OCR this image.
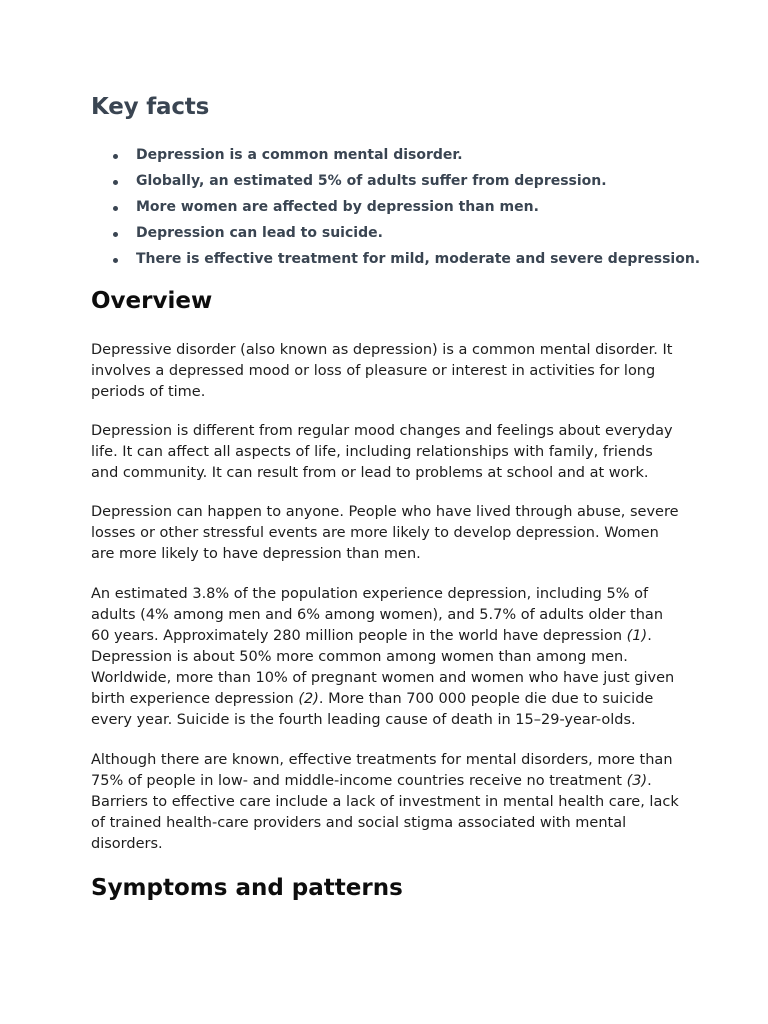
Key facts
Depression is a common mental disorder.
Globally, an estimated 5% of adults suffer from depression.
More women are affected by depression than men.
Depression can lead to suicide.
There is effective treatment for mild, moderate and severe depression.
Overview

Depressive disorder (also known as depression) is a common mental disorder. It involves a depressed mood or loss of pleasure or interest in activities for long periods of time.

Depression is different from regular mood changes and feelings about everyday life. It can affect all aspects of life, including relationships with family, friends and community. It can result from or lead to problems at school and at work.

Depression can happen to anyone. People who have lived through abuse, severe losses or other stressful events are more likely to develop depression. Women are more likely to have depression than men.

An estimated 3.8% of the population experience depression, including 5% of adults (4% among men and 6% among women), and 5.7% of adults older than 60 years. Approximately 280 million people in the world have depression (1). Depression is about 50% more common among women than among men. Worldwide, more than 10% of pregnant women and women who have just given birth experience depression (2). More than 700 000 people die due to suicide every year. Suicide is the fourth leading cause of death in 15–29-year-olds.

Although there are known, effective treatments for mental disorders, more than 75% of people in low- and middle-income countries receive no treatment (3). Barriers to effective care include a lack of investment in mental health care, lack of trained health-care providers and social stigma associated with mental disorders.

Symptoms and patterns
